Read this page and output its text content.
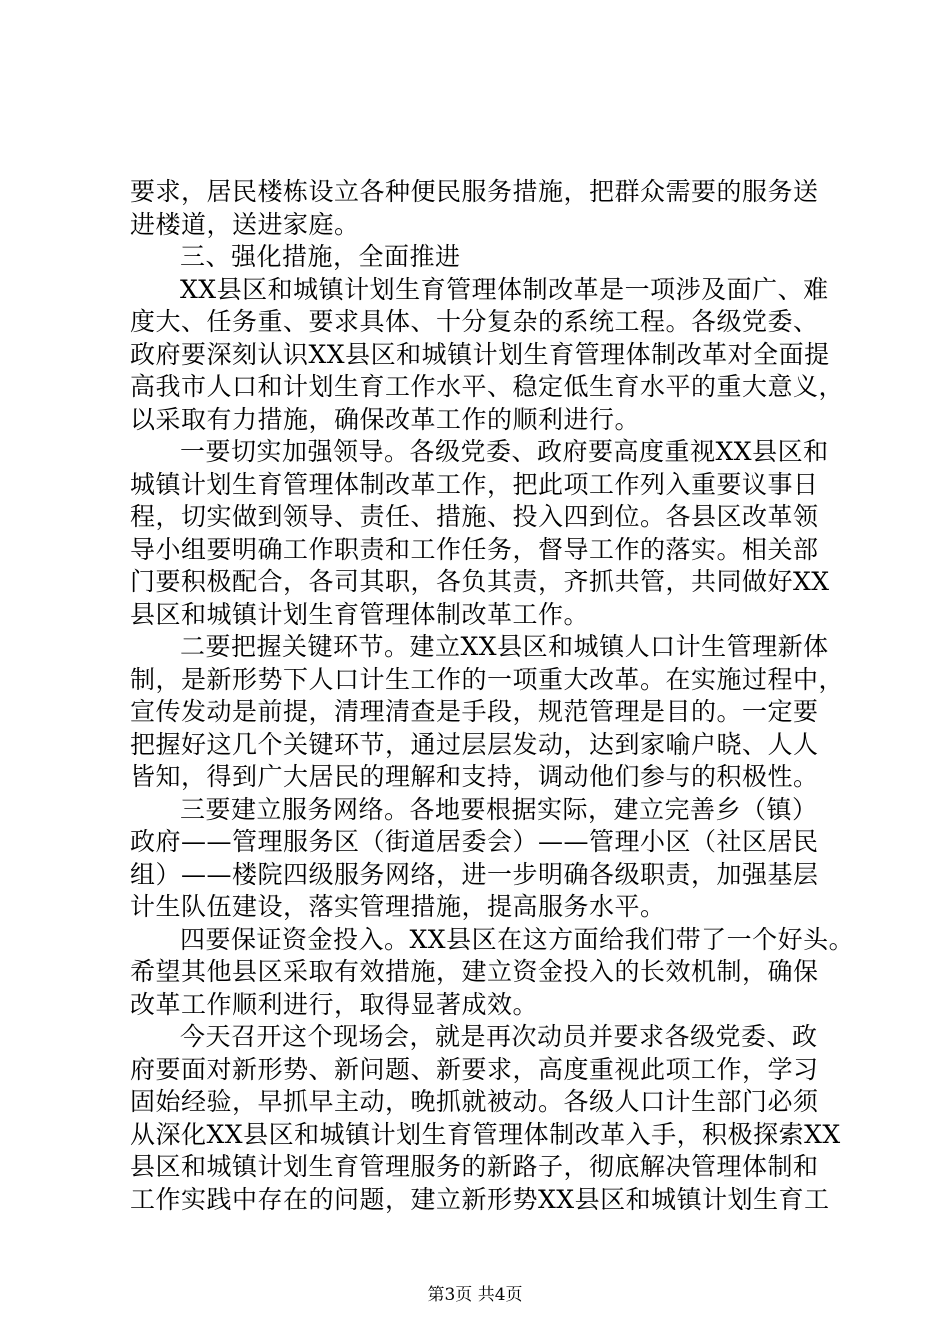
要求，居民楼栋设立各种便民服务措施，把群众需要的服务送
进楼道，送进家庭。
三、强化措施，全面推进
XX县区和城镇计划生育管理体制改革是一项涉及面广、难
度大、任务重、要求具体、十分复杂的系统工程。各级党委、
政府要深刻认识XX县区和城镇计划生育管理体制改革对全面提
高我市人口和计划生育工作水平、稳定低生育水平的重大意义，
以采取有力措施，确保改革工作的顺利进行。
一要切实加强领导。各级党委、政府要高度重视XX县区和
城镇计划生育管理体制改革工作，把此项工作列入重要议事日
程，切实做到领导、责任、措施、投入四到位。各县区改革领
导小组要明确工作职责和工作任务，督导工作的落实。相关部
门要积极配合，各司其职，各负其责，齐抓共管，共同做好XX
县区和城镇计划生育管理体制改革工作。
二要把握关键环节。建立XX县区和城镇人口计生管理新体
制，是新形势下人口计生工作的一项重大改革。在实施过程中，
宣传发动是前提，清理清查是手段，规范管理是目的。一定要
把握好这几个关键环节，通过层层发动，达到家喻户晓、人人
皆知，得到广大居民的理解和支持，调动他们参与的积极性。
三要建立服务网络。各地要根据实际，建立完善乡（镇）
政府——管理服务区（街道居委会）——管理小区（社区居民
组）——楼院四级服务网络，进一步明确各级职责，加强基层
计生队伍建设，落实管理措施，提高服务水平。
四要保证资金投入。XX县区在这方面给我们带了一个好头。
希望其他县区采取有效措施，建立资金投入的长效机制，确保
改革工作顺利进行，取得显著成效。
今天召开这个现场会，就是再次动员并要求各级党委、政
府要面对新形势、新问题、新要求，高度重视此项工作，学习
固始经验，早抓早主动，晚抓就被动。各级人口计生部门必须
从深化XX县区和城镇计划生育管理体制改革入手，积极探索XX
县区和城镇计划生育管理服务的新路子，彻底解决管理体制和
工作实践中存在的问题，建立新形势XX县区和城镇计划生育工
第3页 共4页
